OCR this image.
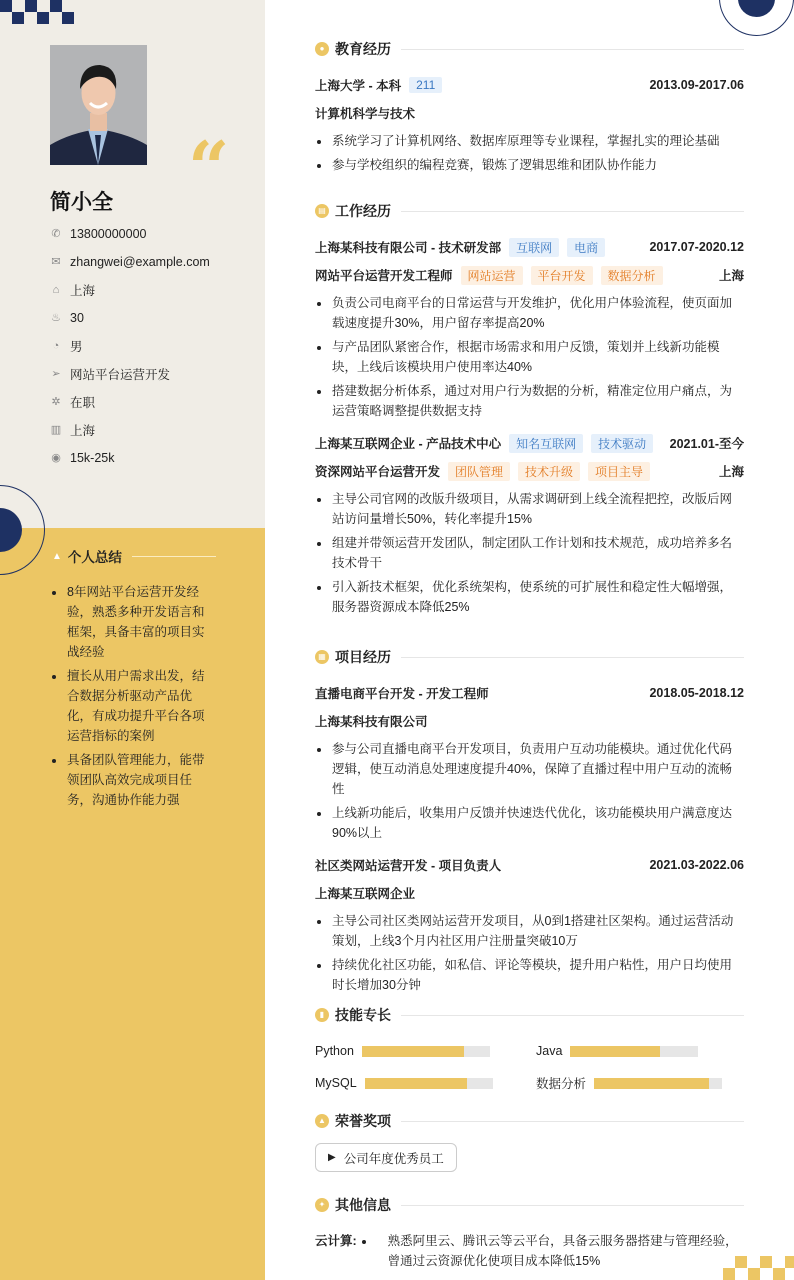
“
简小全
✆ 13800000000
✉ zhangwei@example.com
⌂ 上海
♨ 30
◔ 男
➢ 网站平台运营开发
✲ 在职
▥ 上海
◉ 15k-25k
▲ 个人总结
8年网站平台运营开发经验，熟悉多种开发语言和框架，具备丰富的项目实战经验
擅长从用户需求出发，结合数据分析驱动产品优化，有成功提升平台各项运营指标的案例
具备团队管理能力，能带领团队高效完成项目任务，沟通协作能力强
● 教育经历
上海大学 - 本科	211	2013.09-2017.06
计算机科学与技术
系统学习了计算机网络、数据库原理等专业课程，掌握扎实的理论基础
参与学校组织的编程竞赛，锻炼了逻辑思维和团队协作能力
▤ 工作经历
上海某科技有限公司 - 技术研发部	互联网	电商	2017.07-2020.12
网站平台运营开发工程师	网站运营	平台开发	数据分析	上海
负责公司电商平台的日常运营与开发维护，优化用户体验流程，使页面加载速度提升30%，用户留存率提高20%
与产品团队紧密合作，根据市场需求和用户反馈，策划并上线新功能模块，上线后该模块用户使用率达40%
搭建数据分析体系，通过对用户行为数据的分析，精准定位用户痛点，为运营策略调整提供数据支持
上海某互联网企业 - 产品技术中心	知名互联网	技术驱动	2021.01-至今
资深网站平台运营开发	团队管理	技术升级	项目主导	上海
主导公司官网的改版升级项目，从需求调研到上线全流程把控，改版后网站访问量增长50%，转化率提升15%
组建并带领运营开发团队，制定团队工作计划和技术规范，成功培养多名技术骨干
引入新技术框架，优化系统架构，使系统的可扩展性和稳定性大幅增强，服务器资源成本降低25%
▦ 项目经历
直播电商平台开发 - 开发工程师	2018.05-2018.12
上海某科技有限公司
参与公司直播电商平台开发项目，负责用户互动功能模块。通过优化代码逻辑，使互动消息处理速度提升40%，保障了直播过程中用户互动的流畅性
上线新功能后，收集用户反馈并快速迭代优化，该功能模块用户满意度达90%以上
社区类网站运营开发 - 项目负责人	2021.03-2022.06
上海某互联网企业
主导公司社区类网站运营开发项目，从0到1搭建社区架构。通过运营活动策划，上线3个月内社区用户注册量突破10万
持续优化社区功能，如私信、评论等模块，提升用户粘性，用户日均使用时长增加30分钟
▮ 技能专长
Python	Java
MySQL	数据分析
▲ 荣誉奖项
▶ 公司年度优秀员工
✦ 其他信息
云计算:	熟悉阿里云、腾讯云等云平台，具备云服务器搭建与管理经验，曾通过云资源优化使项目成本降低15%
